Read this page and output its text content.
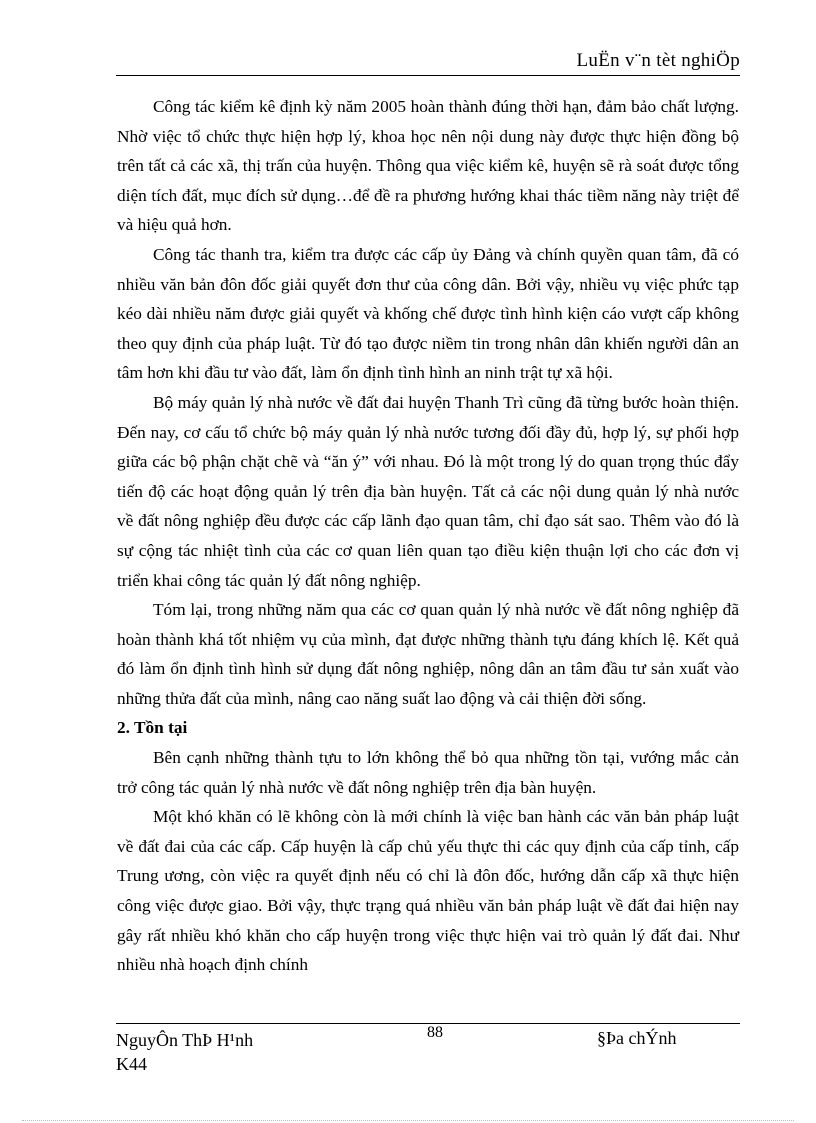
LuËn v¨n tèt nghiÖp

Công tác kiểm kê định kỳ năm 2005 hoàn thành đúng thời hạn, đảm bảo chất lượng. Nhờ việc tổ chức thực hiện hợp lý, khoa học nên nội dung này được thực hiện đồng bộ trên tất cả các xã, thị trấn của huyện. Thông qua việc kiểm kê, huyện sẽ rà soát được tổng diện tích đất, mục đích sử dụng…để đề ra phương hướng khai thác tiềm năng này triệt để và hiệu quả hơn.

Công tác thanh tra, kiểm tra được các cấp ủy Đảng và chính quyền quan tâm, đã có nhiều văn bản đôn đốc giải quyết đơn thư của công dân. Bởi vậy, nhiều vụ việc phức tạp kéo dài nhiều năm được giải quyết và khống chế được tình hình kiện cáo vượt cấp không theo quy định của pháp luật. Từ đó tạo được niềm tin trong nhân dân khiến người dân an tâm hơn khi đầu tư vào đất, làm ổn định tình hình an ninh trật tự xã hội.

Bộ máy quản lý nhà nước về đất đai huyện Thanh Trì cũng đã từng bước hoàn thiện. Đến nay, cơ cấu tổ chức bộ máy quản lý nhà nước tương đối đầy đủ, hợp lý, sự phối hợp giữa các bộ phận chặt chẽ và “ăn ý” với nhau. Đó là một trong lý do quan trọng thúc đẩy tiến độ các hoạt động quản lý trên địa bàn huyện. Tất cả các nội dung quản lý nhà nước về đất nông nghiệp đều được các cấp lãnh đạo quan tâm, chỉ đạo sát sao. Thêm vào đó là sự cộng tác nhiệt tình của các cơ quan liên quan tạo điều kiện thuận lợi cho các đơn vị triển khai công tác quản lý đất nông nghiệp.

Tóm lại, trong những năm qua các cơ quan quản lý nhà nước về đất nông nghiệp đã hoàn thành khá tốt nhiệm vụ của mình, đạt được những thành tựu đáng khích lệ. Kết quả đó làm ổn định tình hình sử dụng đất nông nghiệp, nông dân an tâm đầu tư sản xuất vào những thửa đất của mình, nâng cao năng suất lao động và cải thiện đời sống.

2. Tồn tại

Bên cạnh những thành tựu to lớn không thể bỏ qua những tồn tại, vướng mắc cản trở công tác quản lý nhà nước về đất nông nghiệp trên địa bàn huyện.

Một khó khăn có lẽ không còn là mới chính là việc ban hành các văn bản pháp luật về đất đai của các cấp. Cấp huyện là cấp chủ yếu thực thi các quy định của cấp tỉnh, cấp Trung ương, còn việc ra quyết định nếu có chỉ là đôn đốc, hướng dẫn cấp xã thực hiện công việc được giao. Bởi vậy, thực trạng quá nhiều văn bản pháp luật về đất đai hiện nay gây rất nhiều khó khăn cho cấp huyện trong việc thực hiện vai trò quản lý đất đai. Như nhiều nhà hoạch định chính

NguyÔn ThÞ H¹nh
K44
88	§Þa chÝnh
